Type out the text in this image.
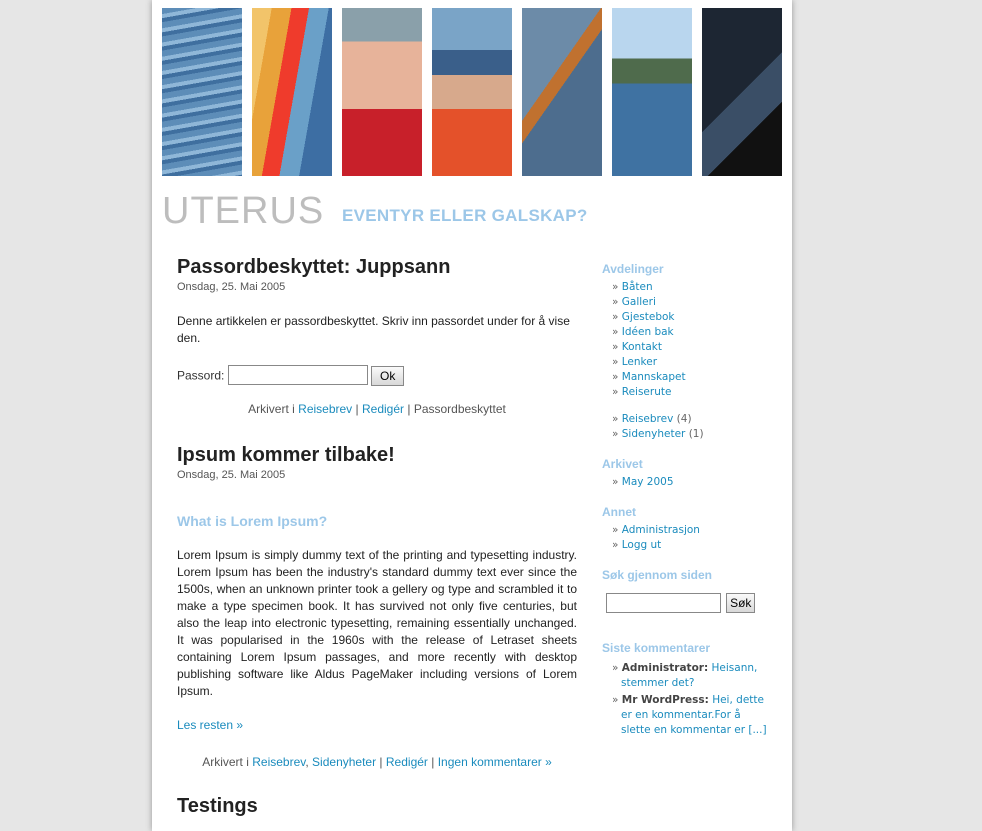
UTERUS EVENTYR ELLER GALSKAP?
Passordbeskyttet: Juppsann
Onsdag, 25. Mai 2005

Denne artikkelen er passordbeskyttet. Skriv inn passordet under for å vise den.

Passord:	Ok
Arkivert i Reisebrev | Redigér | Passordbeskyttet
Ipsum kommer tilbake!
Onsdag, 25. Mai 2005
What is Lorem Ipsum?

Lorem Ipsum is simply dummy text of the printing and typesetting industry. Lorem Ipsum has been the industry's standard dummy text ever since the 1500s, when an unknown printer took a gellery og type and scrambled it to make a type specimen book. It has survived not only five centuries, but also the leap into electronic typesetting, remaining essentially unchanged. It was popularised in the 1960s with the release of Letraset sheets containing Lorem Ipsum passages, and more recently with desktop publishing software like Aldus PageMaker including versions of Lorem Ipsum.

Les resten »
Arkivert i Reisebrev, Sidenyheter | Redigér | Ingen kommentarer »
Testings
Avdelinger
» Båten
» Galleri
» Gjestebok
» Idéen bak
» Kontakt
» Lenker
» Mannskapet
» Reiserute
» Reisebrev (4)
» Sidenyheter (1)
Arkivet
» May 2005
Annet
» Administrasjon
» Logg ut
Søk gjennom siden
Søk
Siste kommentarer
» Administrator: Heisann, stemmer det?
» Mr WordPress: Hei, dette er en kommentar.For å slette en kommentar er [...]
